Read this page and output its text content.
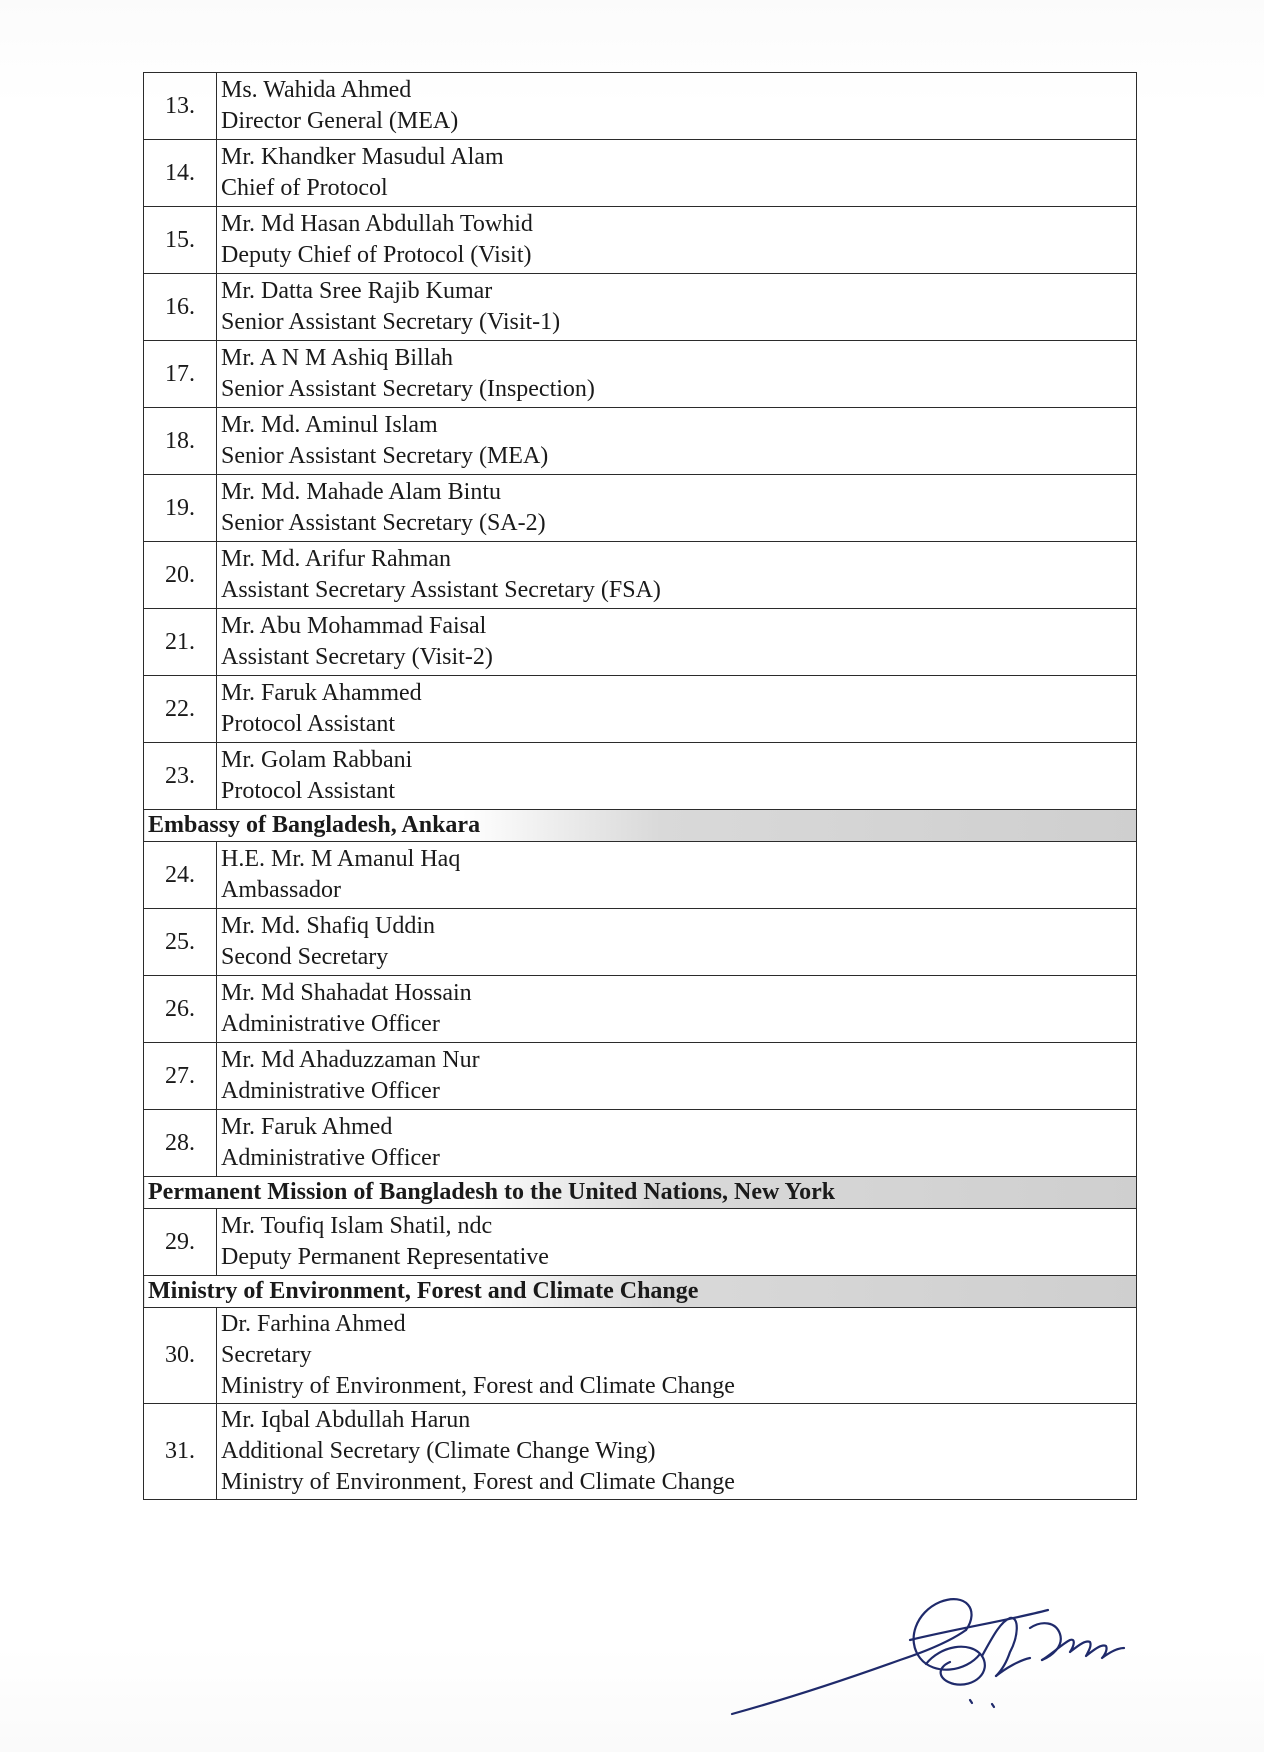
13.	Ms. Wahida Ahmed
Director General (MEA)

14.	Mr. Khandker Masudul Alam
Chief of Protocol

15.	Mr. Md Hasan Abdullah Towhid
Deputy Chief of Protocol (Visit)

16.	Mr. Datta Sree Rajib Kumar
Senior Assistant Secretary (Visit-1)

17.	Mr. A N M Ashiq Billah
Senior Assistant Secretary (Inspection)

18.	Mr. Md. Aminul Islam
Senior Assistant Secretary (MEA)

19.	Mr. Md. Mahade Alam Bintu
Senior Assistant Secretary (SA-2)

20.	Mr. Md. Arifur Rahman
Assistant Secretary Assistant Secretary (FSA)

21.	Mr. Abu Mohammad Faisal
Assistant Secretary (Visit-2)

22.	Mr. Faruk Ahammed
Protocol Assistant

23.	Mr. Golam Rabbani
Protocol Assistant

Embassy of Bangladesh, Ankara	
24.	H.E. Mr. M Amanul Haq
Ambassador

25.	Mr. Md. Shafiq Uddin
Second Secretary

26.	Mr. Md Shahadat Hossain
Administrative Officer

27.	Mr. Md Ahaduzzaman Nur
Administrative Officer

28.	Mr. Faruk Ahmed
Administrative Officer

Permanent Mission of Bangladesh to the United Nations, New York	
29.	Mr. Toufiq Islam Shatil, ndc
Deputy Permanent Representative

Ministry of Environment, Forest and Climate Change	
30.	Dr. Farhina Ahmed
Secretary
Ministry of Environment, Forest and Climate Change

31.	Mr. Iqbal Abdullah Harun
Additional Secretary (Climate Change Wing)
Ministry of Environment, Forest and Climate Change
